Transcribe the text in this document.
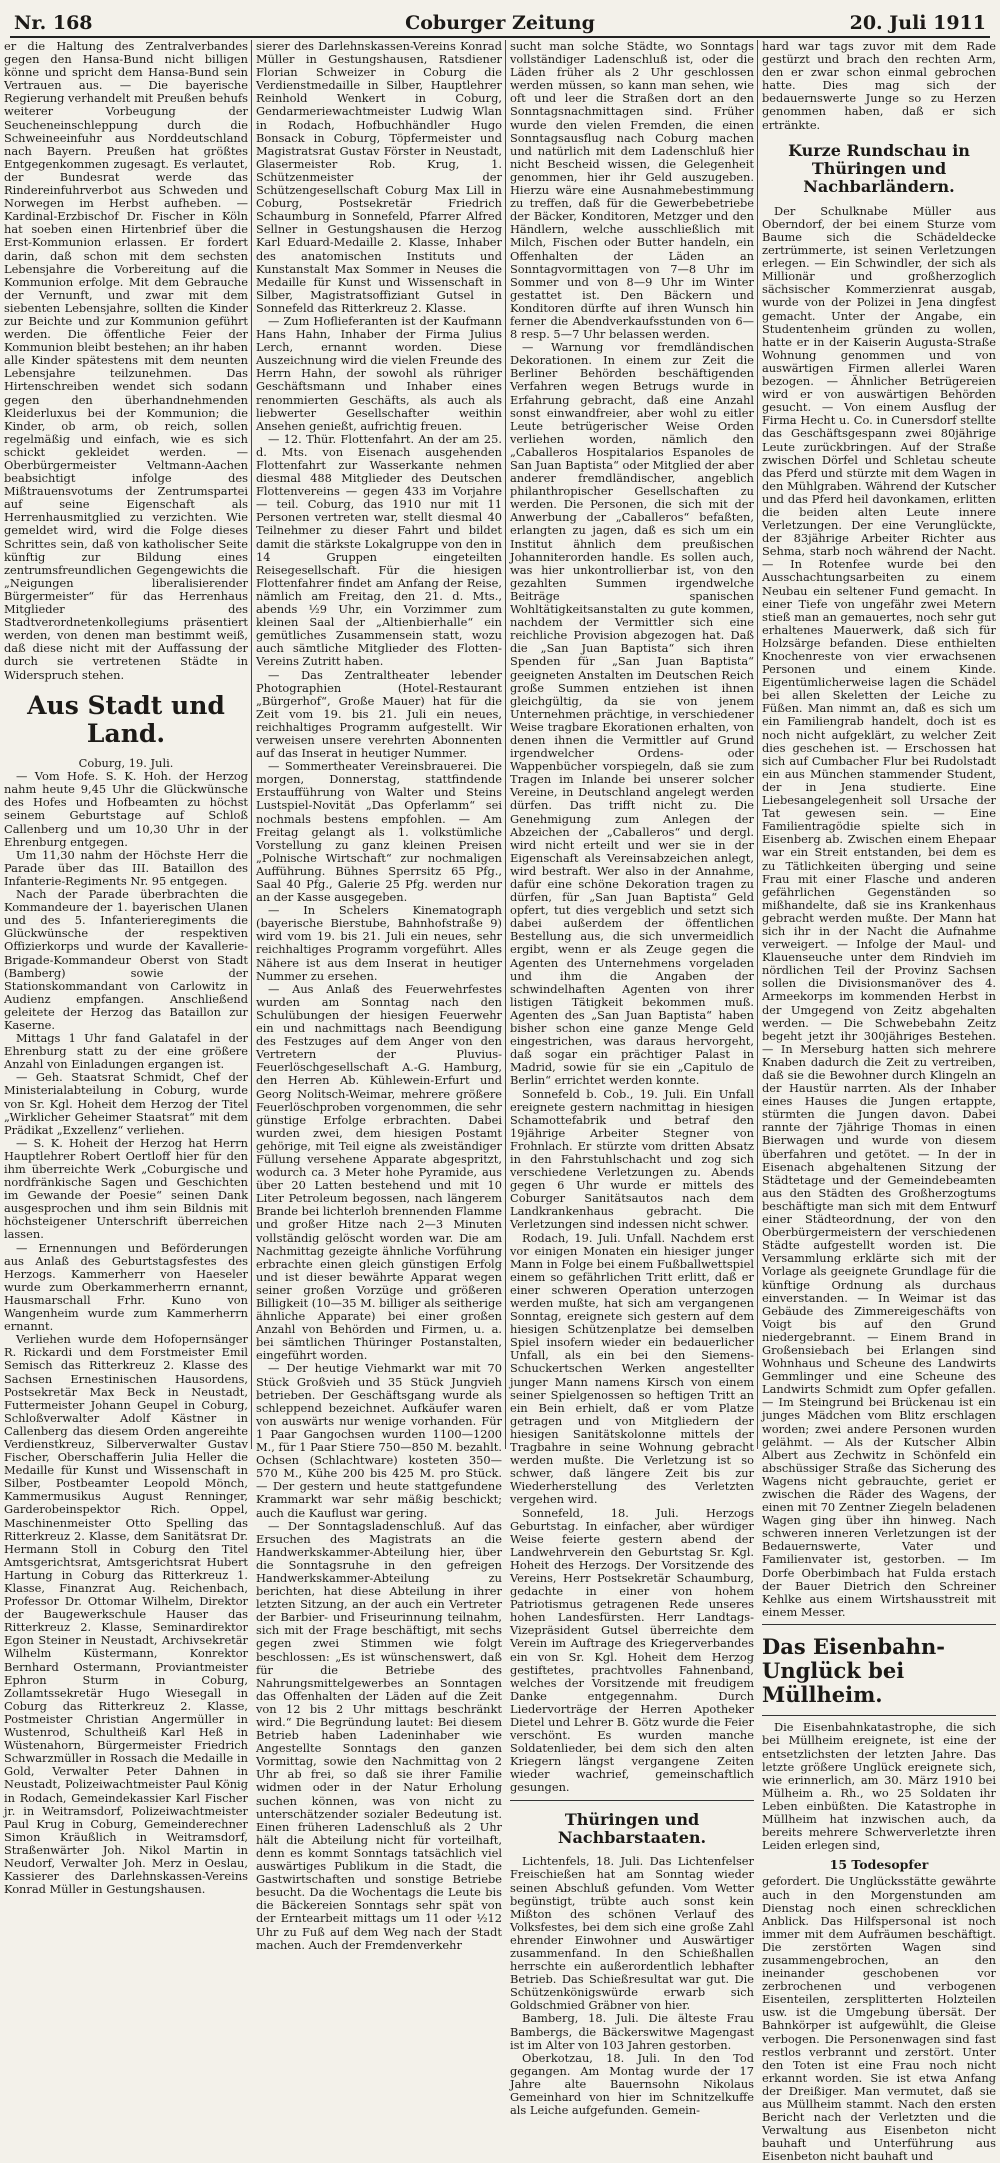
Nr. 168	Coburger Zeitung	20. Juli 1911

er die Haltung des Zentralverbandes gegen den Hansa-Bund nicht billigen könne und spricht dem Hansa-Bund sein Vertrauen aus. — Die bayerische Regierung verhandelt mit Preußen behufs weiterer Vorbeugung der Seucheneinschleppung durch die Schweineeinfuhr aus Norddeutschland nach Bayern. Preußen hat größtes Entgegenkommen zugesagt. Es verlautet, der Bundesrat werde das Rindereinfuhrverbot aus Schweden und Norwegen im Herbst aufheben. — Kardinal-Erzbischof Dr. Fischer in Köln hat soeben einen Hirtenbrief über die Erst-Kommunion erlassen. Er fordert darin, daß schon mit dem sechsten Lebensjahre die Vorbereitung auf die Kommunion erfolge. Mit dem Gebrauche der Vernunft, und zwar mit dem siebenten Lebensjahre, sollten die Kinder zur Beichte und zur Kommunion geführt werden. Die öffentliche Feier der Kommunion bleibt bestehen; an ihr haben alle Kinder spätestens mit dem neunten Lebensjahre teilzunehmen. Das Hirtenschreiben wendet sich sodann gegen den überhandnehmenden Kleiderluxus bei der Kommunion; die Kinder, ob arm, ob reich, sollen regelmäßig und einfach, wie es sich schickt gekleidet werden. — Oberbürgermeister Veltmann-Aachen beabsichtigt infolge des Mißtrauensvotums der Zentrumspartei auf seine Eigenschaft als Herrenhausmitglied zu verzichten. Wie gemeldet wird, wird die Folge dieses Schrittes sein, daß von katholischer Seite künftig zur Bildung eines zentrumsfreundlichen Gegengewichts die „Neigungen liberalisierender Bürgermeister“ für das Herrenhaus Mitglieder des Stadtverordnetenkollegiums präsentiert werden, von denen man bestimmt weiß, daß diese nicht mit der Auffassung der durch sie vertretenen Städte in Widerspruch stehen.

Aus Stadt und Land.

Coburg, 19. Juli.

— Vom Hofe. S. K. Hoh. der Herzog nahm heute 9,45 Uhr die Glückwünsche des Hofes und Hofbeamten zu höchst seinem Geburtstage auf Schloß Callenberg und um 10,30 Uhr in der Ehrenburg entgegen.

Um 11,30 nahm der Höchste Herr die Parade über das III. Bataillon des Infanterie-Regiments Nr. 95 entgegen.

Nach der Parade überbrachten die Kommandeure der 1. bayerischen Ulanen und des 5. Infanterieregiments die Glückwünsche der respektiven Offizierkorps und wurde der Kavallerie-Brigade-Kommandeur Oberst von Stadt (Bamberg) sowie der Stationskommandant von Carlowitz in Audienz empfangen. Anschließend geleitete der Herzog das Bataillon zur Kaserne.

Mittags 1 Uhr fand Galatafel in der Ehrenburg statt zu der eine größere Anzahl von Einladungen ergangen ist.

— Geh. Staatsrat Schmidt, Chef der Ministerialabteilung in Coburg, wurde von Sr. Kgl. Hoheit dem Herzog der Titel „Wirklicher Geheimer Staatsrat“ mit dem Prädikat „Exzellenz“ verliehen.

— S. K. Hoheit der Herzog hat Herrn Hauptlehrer Robert Oertloff hier für den ihm überreichte Werk „Coburgische und nordfränkische Sagen und Geschichten im Gewande der Poesie“ seinen Dank ausgesprochen und ihm sein Bildnis mit höchsteigener Unterschrift überreichen lassen.

— Ernennungen und Beförderungen aus Anlaß des Geburtstagsfestes des Herzogs. Kammerherr von Haeseler wurde zum Oberkammerherrn ernannt, Hausmarschall Frhr. Kuno von Wangenheim wurde zum Kammerherrn ernannt.

Verliehen wurde dem Hofopernsänger R. Rickardi und dem Forstmeister Emil Semisch das Ritterkreuz 2. Klasse des Sachsen Ernestinischen Hausordens, Postsekretär Max Beck in Neustadt, Futtermeister Johann Geupel in Coburg, Schloßverwalter Adolf Kästner in Callenberg das diesem Orden angereihte Verdienstkreuz, Silberverwalter Gustav Fischer, Oberschafferin Julia Heller die Medaille für Kunst und Wissenschaft in Silber, Postbeamter Leopold Mönch, Kammermusikus August Renninger, Garderobeinspektor Rich. Oppel, Maschinenmeister Otto Spelling das Ritterkreuz 2. Klasse, dem Sanitätsrat Dr. Hermann Stoll in Coburg den Titel Amtsgerichtsrat, Amtsgerichtsrat Hubert Hartung in Coburg das Ritterkreuz 1. Klasse, Finanzrat Aug. Reichenbach, Professor Dr. Ottomar Wilhelm, Direktor der Baugewerkschule Hauser das Ritterkreuz 2. Klasse, Seminardirektor Egon Steiner in Neustadt, Archivsekretär Wilhelm Küstermann, Konrektor Bernhard Ostermann, Proviantmeister Ephron Sturm in Coburg, Zollamtssekretär Hugo Wiesegall in Coburg das Ritterkreuz 2. Klasse, Postmeister Christian Angermüller in Wustenrod, Schultheiß Karl Heß in Wüstenahorn, Bürgermeister Friedrich Schwarzmüller in Rossach die Medaille in Gold, Verwalter Peter Dahnen in Neustadt, Polizeiwachtmeister Paul König in Rodach, Gemeindekassier Karl Fischer jr. in Weitramsdorf, Polizeiwachtmeister Paul Krug in Coburg, Gemeinderechner Simon Kräußlich in Weitramsdorf, Straßenwärter Joh. Nikol Martin in Neudorf, Verwalter Joh. Merz in Oeslau, Kassierer des Darlehnskassen-Vereins Konrad Müller in Gestungshausen.

sierer des Darlehnskassen-Vereins Konrad Müller in Gestungshausen, Ratsdiener Florian Schweizer in Coburg die Verdienstmedaille in Silber, Hauptlehrer Reinhold Wenkert in Coburg, Gendarmeriewachtmeister Ludwig Wlan in Rodach, Hofbuchhändler Hugo Bonsack in Coburg, Töpfermeister und Magistratsrat Gustav Förster in Neustadt, Glasermeister Rob. Krug, 1. Schützenmeister der Schützengesellschaft Coburg Max Lill in Coburg, Postsekretär Friedrich Schaumburg in Sonnefeld, Pfarrer Alfred Sellner in Gestungshausen die Herzog Karl Eduard-Medaille 2. Klasse, Inhaber des anatomischen Instituts und Kunstanstalt Max Sommer in Neuses die Medaille für Kunst und Wissenschaft in Silber, Magistratsoffiziant Gutsel in Sonnefeld das Ritterkreuz 2. Klasse.

— Zum Hoflieferanten ist der Kaufmann Hans Hahn, Inhaber der Firma Julius Lerch, ernannt worden. Diese Auszeichnung wird die vielen Freunde des Herrn Hahn, der sowohl als rühriger Geschäftsmann und Inhaber eines renommierten Geschäfts, als auch als liebwerter Gesellschafter weithin Ansehen genießt, aufrichtig freuen.

— 12. Thür. Flottenfahrt. An der am 25. d. Mts. von Eisenach ausgehenden Flottenfahrt zur Wasserkante nehmen diesmal 488 Mitglieder des Deutschen Flottenvereins — gegen 433 im Vorjahre — teil. Coburg, das 1910 nur mit 11 Personen vertreten war, stellt diesmal 40 Teilnehmer zu dieser Fahrt und bildet damit die stärkste Lokalgruppe von den in 14 Gruppen eingeteilten Reisegesellschaft. Für die hiesigen Flottenfahrer findet am Anfang der Reise, nämlich am Freitag, den 21. d. Mts., abends ½9 Uhr, ein Vorzimmer zum kleinen Saal der „Altienbierhalle“ ein gemütliches Zusammensein statt, wozu auch sämtliche Mitglieder des Flotten-Vereins Zutritt haben.

— Das Zentraltheater lebender Photographien (Hotel-Restaurant „Bürgerhof“, Große Mauer) hat für die Zeit vom 19. bis 21. Juli ein neues, reichhaltiges Programm aufgestellt. Wir verweisen unsere verehrten Abonnenten auf das Inserat in heutiger Nummer.

— Sommertheater Vereinsbrauerei. Die morgen, Donnerstag, stattfindende Erstaufführung von Walter und Steins Lustspiel-Novität „Das Opferlamm“ sei nochmals bestens empfohlen. — Am Freitag gelangt als 1. volkstümliche Vorstellung zu ganz kleinen Preisen „Polnische Wirtschaft“ zur nochmaligen Aufführung. Bühnes Sperrsitz 65 Pfg., Saal 40 Pfg., Galerie 25 Pfg. werden nur an der Kasse ausgegeben.

— In Schelers Kinematograph (bayerische Bierstube, Bahnhofstraße 9) wird vom 19. bis 21. Juli ein neues, sehr reichhaltiges Programm vorgeführt. Alles Nähere ist aus dem Inserat in heutiger Nummer zu ersehen.

— Aus Anlaß des Feuerwehrfestes wurden am Sonntag nach den Schulübungen der hiesigen Feuerwehr ein und nachmittags nach Beendigung des Festzuges auf dem Anger von den Vertretern der Pluvius-Feuerlöschgesellschaft A.-G. Hamburg, den Herren Ab. Kühlewein-Erfurt und Georg Nolitsch-Weimar, mehrere größere Feuerlöschproben vorgenommen, die sehr günstige Erfolge erbrachten. Dabei wurden zwei, dem hiesigen Postamt gehörige, mit Teil eigne als zweiständiger Füllung versehene Apparate abgespritzt, wodurch ca. 3 Meter hohe Pyramide, aus über 20 Latten bestehend und mit 10 Liter Petroleum begossen, nach längerem Brande bei lichterloh brennenden Flamme und großer Hitze nach 2—3 Minuten vollständig gelöscht worden war. Die am Nachmittag gezeigte ähnliche Vorführung erbrachte einen gleich günstigen Erfolg und ist dieser bewährte Apparat wegen seiner großen Vorzüge und größeren Billigkeit (10—35 M. billiger als seitherige ähnliche Apparate) bei einer großen Anzahl von Behörden und Firmen, u. a. bei sämtlichen Thüringer Postanstalten, eingeführt worden.

— Der heutige Viehmarkt war mit 70 Stück Großvieh und 35 Stück Jungvieh betrieben. Der Geschäftsgang wurde als schleppend bezeichnet. Aufkäufer waren von auswärts nur wenige vorhanden. Für 1 Paar Gangochsen wurden 1100—1200 M., für 1 Paar Stiere 750—850 M. bezahlt. Ochsen (Schlachtware) kosteten 350—570 M., Kühe 200 bis 425 M. pro Stück. — Der gestern und heute stattgefundene Krammarkt war sehr mäßig beschickt; auch die Kauflust war gering.

— Der Sonntagsladenschluß. Auf das Ersuchen des Magistrats an die Handwerkskammer-Abteilung hier, über die Sonntagsruhe in den gefreigen Handwerkskammer-Abteilung zu berichten, hat diese Abteilung in ihrer letzten Sitzung, an der auch ein Vertreter der Barbier- und Friseurinnung teilnahm, sich mit der Frage beschäftigt, mit sechs gegen zwei Stimmen wie folgt beschlossen: „Es ist wünschenswert, daß für die Betriebe des Nahrungsmittelgewerbes an Sonntagen das Offenhalten der Läden auf die Zeit von 12 bis 2 Uhr mittags beschränkt wird.“ Die Begründung lautet: Bei diesem Betrieb haben Ladeninhaber wie Angestellte Sonntags den ganzen Vormittag, sowie den Nachmittag von 2 Uhr ab frei, so daß sie ihrer Familie widmen oder in der Natur Erholung suchen können, was von nicht zu unterschätzender sozialer Bedeutung ist. Einen früheren Ladenschluß als 2 Uhr hält die Abteilung nicht für vorteilhaft, denn es kommt Sonntags tatsächlich viel auswärtiges Publikum in die Stadt, die Gastwirtschaften und sonstige Betriebe besucht. Da die Wochentags die Leute bis die Bäckereien Sonntags sehr spät von der Erntearbeit mittags um 11 oder ½12 Uhr zu Fuß auf dem Weg nach der Stadt machen. Auch der Fremdenverkehr

sucht man solche Städte, wo Sonntags vollständiger Ladenschluß ist, oder die Läden früher als 2 Uhr geschlossen werden müssen, so kann man sehen, wie oft und leer die Straßen dort an den Sonntagsnachmittagen sind. Früher wurde den vielen Fremden, die einen Sonntagsausflug nach Coburg machen und natürlich mit dem Ladenschluß hier nicht Bescheid wissen, die Gelegenheit genommen, hier ihr Geld auszugeben. Hierzu wäre eine Ausnahmebestimmung zu treffen, daß für die Gewerbebetriebe der Bäcker, Konditoren, Metzger und den Händlern, welche ausschließlich mit Milch, Fischen oder Butter handeln, ein Offenhalten der Läden an Sonntagvormittagen von 7—8 Uhr im Sommer und von 8—9 Uhr im Winter gestattet ist. Den Bäckern und Konditoren dürfte auf ihren Wunsch hin ferner die Abendverkaufsstunden von 6—8 resp. 5—7 Uhr belassen werden.

— Warnung vor fremdländischen Dekorationen. In einem zur Zeit die Berliner Behörden beschäftigenden Verfahren wegen Betrugs wurde in Erfahrung gebracht, daß eine Anzahl sonst einwandfreier, aber wohl zu eitler Leute betrügerischer Weise Orden verliehen worden, nämlich den „Caballeros Hospitalarios Espanoles de San Juan Baptista“ oder Mitglied der aber anderer fremdländischer, angeblich philanthropischer Gesellschaften zu werden. Die Personen, die sich mit der Anwerbung der „Caballeros“ befaßten, erlangten zu jagen, daß es sich um ein Institut ähnlich dem preußischen Johanniterorden handle. Es sollen auch, was hier unkontrollierbar ist, von den gezahlten Summen irgendwelche Beiträge spanischen Wohltätigkeitsanstalten zu gute kommen, nachdem der Vermittler sich eine reichliche Provision abgezogen hat. Daß die „San Juan Baptista“ sich ihren Spenden für „San Juan Baptista“ geeigneten Anstalten im Deutschen Reich große Summen entziehen ist ihnen gleichgültig, da sie von jenem Unternehmen prächtige, in verschiedener Weise tragbare Ekorationen erhalten, von denen ihnen die Vermittler auf Grund irgendwelcher Ordens- oder Wappenbücher vorspiegeln, daß sie zum Tragen im Inlande bei unserer solcher Vereine, in Deutschland angelegt werden dürfen. Das trifft nicht zu. Die Genehmigung zum Anlegen der Abzeichen der „Caballeros“ und dergl. wird nicht erteilt und wer sie in der Eigenschaft als Vereinsabzeichen anlegt, wird bestraft. Wer also in der Annahme, dafür eine schöne Dekoration tragen zu dürfen, für „San Juan Baptista“ Geld opfert, tut dies vergeblich und setzt sich dabei außerdem der öffentlichen Bestellung aus, die sich unvermeidlich ergibt, wenn er als Zeuge gegen die Agenten des Unternehmens vorgeladen und ihm die Angaben der schwindelhaften Agenten von ihrer listigen Tätigkeit bekommen muß. Agenten des „San Juan Baptista“ haben bisher schon eine ganze Menge Geld eingestrichen, was daraus hervorgeht, daß sogar ein prächtiger Palast in Madrid, sowie für sie ein „Capitulo de Berlin“ errichtet werden konnte.

Sonnefeld b. Cob., 19. Juli. Ein Unfall ereignete gestern nachmittag in hiesigen Schamottefabrik und betraf den 19jährige Arbeiter Stegner von Frohnlach. Er stürzte vom dritten Absatz in den Fahrstuhlschacht und zog sich verschiedene Verletzungen zu. Abends gegen 6 Uhr wurde er mittels des Coburger Sanitätsautos nach dem Landkrankenhaus gebracht. Die Verletzungen sind indessen nicht schwer.

Rodach, 19. Juli. Unfall. Nachdem erst vor einigen Monaten ein hiesiger junger Mann in Folge bei einem Fußballwettspiel einem so gefährlichen Tritt erlitt, daß er einer schweren Operation unterzogen werden mußte, hat sich am vergangenen Sonntag, ereignete sich gestern auf dem hiesigen Schützenplatze bei demselben Spiel insofern wieder ein bedauerlicher Unfall, als ein bei den Siemens-Schuckertschen Werken angestellter junger Mann namens Kirsch von einem seiner Spielgenossen so heftigen Tritt an ein Bein erhielt, daß er vom Platze getragen und von Mitgliedern der hiesigen Sanitätskolonne mittels der Tragbahre in seine Wohnung gebracht werden mußte. Die Verletzung ist so schwer, daß längere Zeit bis zur Wiederherstellung des Verletzten vergehen wird.

Sonnefeld, 18. Juli. Herzogs Geburtstag. In einfacher, aber würdiger Weise feierte gestern abend der Landwehrverein den Geburtstag Sr. Kgl. Hoheit des Herzogs. Der Vorsitzende des Vereins, Herr Postsekretär Schaumburg, gedachte in einer von hohem Patriotismus getragenen Rede unseres hohen Landesfürsten. Herr Landtags-Vizepräsident Gutsel überreichte dem Verein im Auftrage des Kriegerverbandes ein von Sr. Kgl. Hoheit dem Herzog gestiftetes, prachtvolles Fahnenband, welches der Vorsitzende mit freudigem Danke entgegennahm. Durch Liedervorträge der Herren Apotheker Dietel und Lehrer B. Götz wurde die Feier verschönt. Es wurden manche Soldatenlieder, bei dem sich den alten Kriegern längst vergangene Zeiten wieder wachrief, gemeinschaftlich gesungen.

Thüringen und Nachbarstaaten.

Lichtenfels, 18. Juli. Das Lichtenfelser Freischießen hat am Sonntag wieder seinen Abschluß gefunden. Vom Wetter begünstigt, trübte auch sonst kein Mißton des schönen Verlauf des Volksfestes, bei dem sich eine große Zahl ehrender Einwohner und Auswärtiger zusammenfand. In den Schießhallen herrschte ein außerordentlich lebhafter Betrieb. Das Schießresultat war gut. Die Schützenkönigswürde erwarb sich Goldschmied Gräbner von hier.

Bamberg, 18. Juli. Die älteste Frau Bambergs, die Bäckerswitwe Magengast ist im Alter von 103 Jahren gestorben.

Oberkotzau, 18. Juli. In den Tod gegangen. Am Montag wurde der 17 Jahre alte Bauernsohn Nikolaus Gemeinhard von hier im Schnitzelkuffe als Leiche aufgefunden. Gemein-

hard war tags zuvor mit dem Rade gestürzt und brach den rechten Arm, den er zwar schon einmal gebrochen hatte. Dies mag sich der bedauernswerte Junge so zu Herzen genommen haben, daß er sich ertränkte.

Kurze Rundschau in Thüringen und Nachbarländern.

Der Schulknabe Müller aus Oberndorf, der bei einem Sturze vom Baume sich die Schädeldecke zertrümmerte, ist seinen Verletzungen erlegen. — Ein Schwindler, der sich als Millionär und großherzoglich sächsischer Kommerzienrat ausgab, wurde von der Polizei in Jena dingfest gemacht. Unter der Angabe, ein Studentenheim gründen zu wollen, hatte er in der Kaiserin Augusta-Straße Wohnung genommen und von auswärtigen Firmen allerlei Waren bezogen. — Ähnlicher Betrügereien wird er von auswärtigen Behörden gesucht. — Von einem Ausflug der Firma Hecht u. Co. in Cunersdorf stellte das Geschäftsgespann zwei 80jährige Leute zurückbringen. Auf der Straße zwischen Dörfel und Schletau scheute das Pferd und stürzte mit dem Wagen in den Mühlgraben. Während der Kutscher und das Pferd heil davonkamen, erlitten die beiden alten Leute innere Verletzungen. Der eine Verunglückte, der 83jährige Arbeiter Richter aus Sehma, starb noch während der Nacht. — In Rotenfee wurde bei den Ausschachtungsarbeiten zu einem Neubau ein seltener Fund gemacht. In einer Tiefe von ungefähr zwei Metern stieß man an gemauertes, noch sehr gut erhaltenes Mauerwerk, daß sich für Holzsärge befanden. Diese enthielten Knochenreste von vier erwachsenen Personen und einem Kinde. Eigentümlicherweise lagen die Schädel bei allen Skeletten der Leiche zu Füßen. Man nimmt an, daß es sich um ein Familiengrab handelt, doch ist es noch nicht aufgeklärt, zu welcher Zeit dies geschehen ist. — Erschossen hat sich auf Cumbacher Flur bei Rudolstadt ein aus München stammender Student, der in Jena studierte. Eine Liebesangelegenheit soll Ursache der Tat gewesen sein. — Eine Familientragödie spielte sich in Eisenberg ab. Zwischen einem Ehepaar war ein Streit entstanden, bei dem es zu Tätlichkeiten überging und seine Frau mit einer Flasche und anderen gefährlichen Gegenständen so mißhandelte, daß sie ins Krankenhaus gebracht werden mußte. Der Mann hat sich ihr in der Nacht die Aufnahme verweigert. — Infolge der Maul- und Klauenseuche unter dem Rindvieh im nördlichen Teil der Provinz Sachsen sollen die Divisionsmanöver des 4. Armeekorps im kommenden Herbst in der Umgegend von Zeitz abgehalten werden. — Die Schwebebahn Zeitz begeht jetzt ihr 300jähriges Bestehen. — In Merseburg hatten sich mehrere Knaben dadurch die Zeit zu vertreiben, daß sie die Bewohner durch Klingeln an der Haustür narrten. Als der Inhaber eines Hauses die Jungen ertappte, stürmten die Jungen davon. Dabei rannte der 7jährige Thomas in einen Bierwagen und wurde von diesem überfahren und getötet. — In der in Eisenach abgehaltenen Sitzung der Städtetage und der Gemeindebeamten aus den Städten des Großherzogtums beschäftigte man sich mit dem Entwurf einer Städteordnung, der von den Oberbürgermeistern der verschiedenen Städte aufgestellt worden ist. Die Versammlung erklärte sich mit der Vorlage als geeignete Grundlage für die künftige Ordnung als durchaus einverstanden. — In Weimar ist das Gebäude des Zimmereigeschäfts von Voigt bis auf den Grund niedergebrannt. — Einem Brand in Großensiebach bei Erlangen sind Wohnhaus und Scheune des Landwirts Gemmlinger und eine Scheune des Landwirts Schmidt zum Opfer gefallen. — Im Steingrund bei Brückenau ist ein junges Mädchen vom Blitz erschlagen worden; zwei andere Personen wurden gelähmt. — Als der Kutscher Albin Albert aus Zechwitz in Schönfeld ein abschüssiger Straße das Sicherung des Wagens nicht gebrauchte, geriet er zwischen die Räder des Wagens, der einen mit 70 Zentner Ziegeln beladenen Wagen ging über ihn hinweg. Nach schweren inneren Verletzungen ist der Bedauernswerte, Vater und Familienvater ist, gestorben. — Im Dorfe Oberbimbach hat Fulda erstach der Bauer Dietrich den Schreiner Kehlke aus einem Wirtshausstreit mit einem Messer.

Das Eisenbahn-Unglück bei Müllheim.

Die Eisenbahnkatastrophe, die sich bei Müllheim ereignete, ist eine der entsetzlichsten der letzten Jahre. Das letzte größere Unglück ereignete sich, wie erinnerlich, am 30. März 1910 bei Mülheim a. Rh., wo 25 Soldaten ihr Leben einbüßten. Die Katastrophe in Müllheim hat inzwischen auch, da bereits mehrere Schwerverletzte ihren Leiden erlegen sind,

15 Todesopfer

gefordert. Die Unglücksstätte gewährte auch in den Morgenstunden am Dienstag noch einen schrecklichen Anblick. Das Hilfspersonal ist noch immer mit dem Aufräumen beschäftigt. Die zerstörten Wagen sind zusammengebrochen, an den ineinander geschobenen vor zerbrochenen und verbogenen Eisenteilen, zersplitterten Holzteilen usw. ist die Umgebung übersät. Der Bahnkörper ist aufgewühlt, die Gleise verbogen. Die Personenwagen sind fast restlos verbrannt und zerstört. Unter den Toten ist eine Frau noch nicht erkannt worden. Sie ist etwa Anfang der Dreißiger. Man vermutet, daß sie aus Müllheim stammt. Nach den ersten Bericht nach der Verletzten und die Verwaltung aus Eisenbeton nicht bauhaft und Unterführung aus Eisenbeton nicht bauhaft und
